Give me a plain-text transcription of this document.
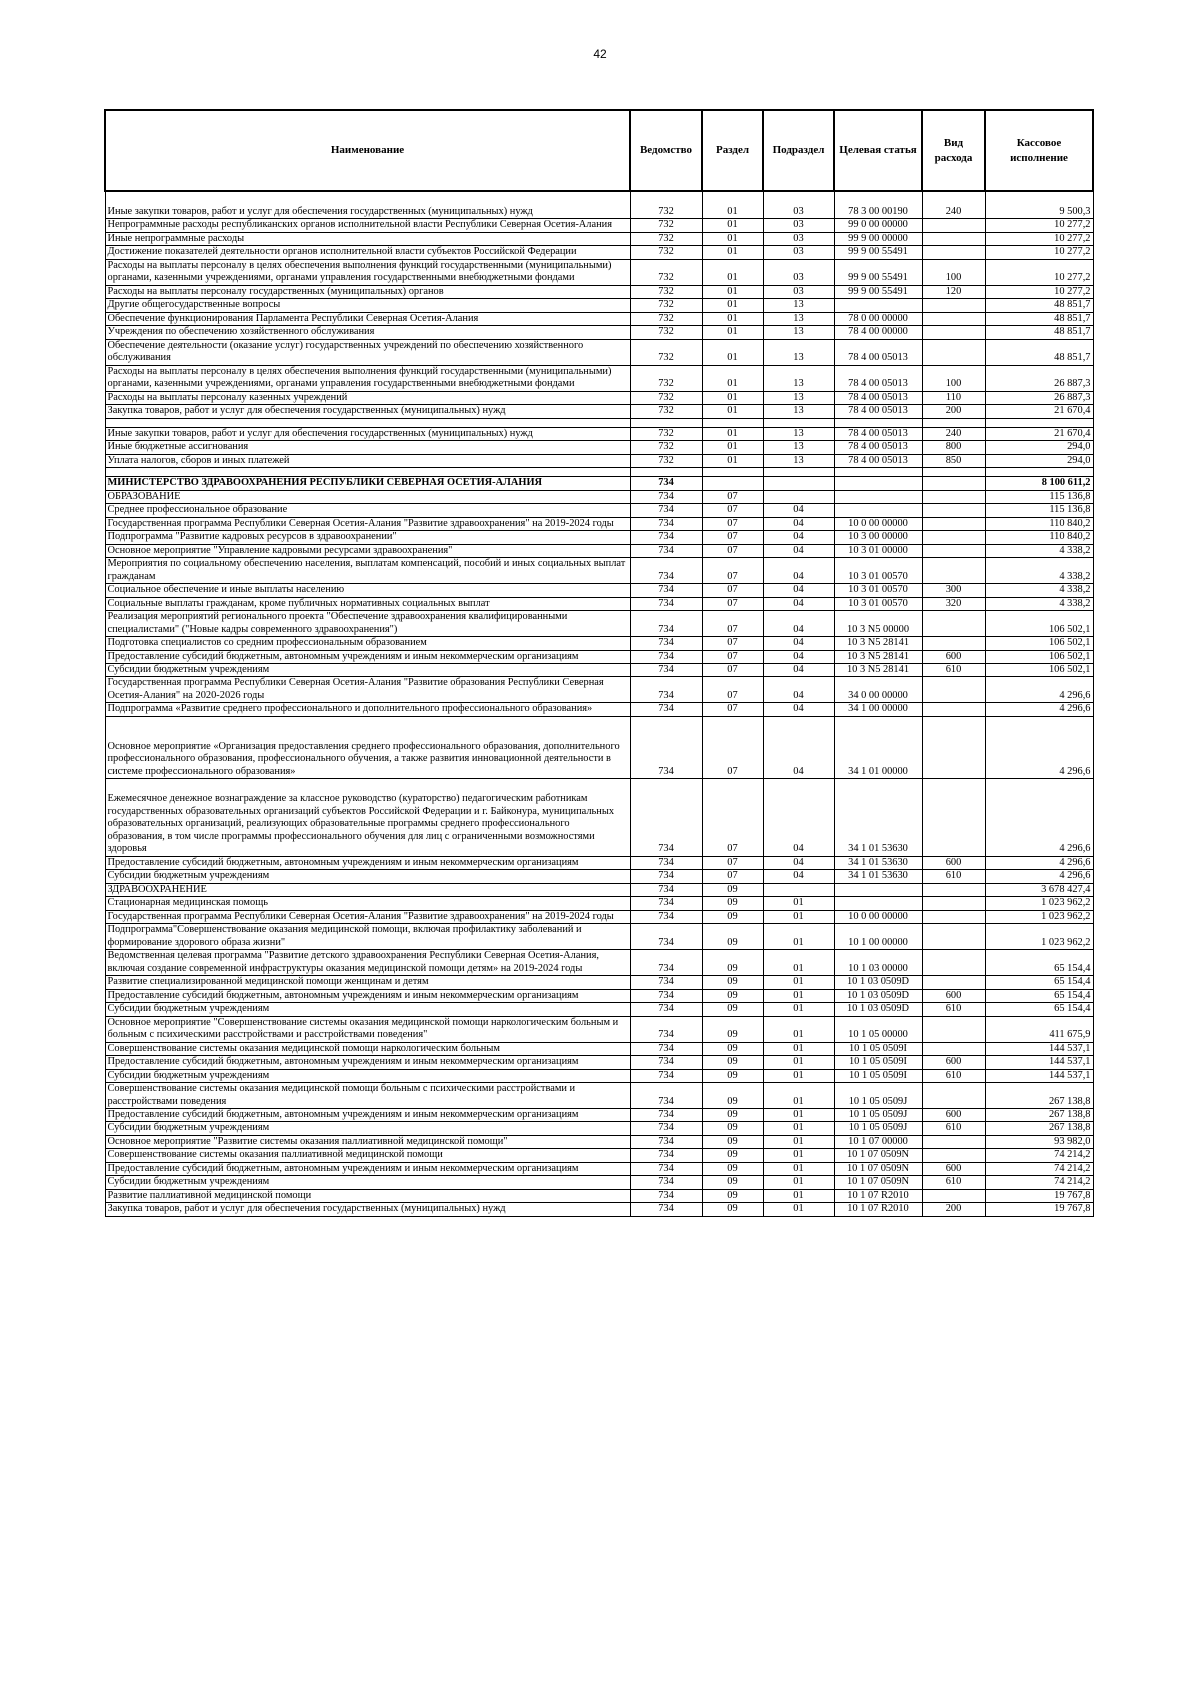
42
Наименование	Ведомство	Раздел	Подраздел	Целевая статья	Вид расхода	Кассовое исполнение
Иные закупки товаров, работ и услуг для обеспечения государственных (муниципальных) нужд	732	01	03	78 3 00 00190	240	9 500,3
Непрограммные расходы республиканских органов исполнительной власти Республики Северная Осетия-Алания	732	01	03	99 0 00 00000		10 277,2
Иные непрограммные расходы	732	01	03	99 9 00 00000		10 277,2
Достижение показателей деятельности органов исполнительной власти субъектов Российской Федерации	732	01	03	99 9 00 55491		10 277,2
Расходы на выплаты персоналу в целях обеспечения выполнения функций государственными (муниципальными) органами, казенными учреждениями, органами управления государственными внебюджетными фондами	732	01	03	99 9 00 55491	100	10 277,2
Расходы на выплаты персоналу государственных (муниципальных) органов	732	01	03	99 9 00 55491	120	10 277,2
Другие общегосударственные вопросы	732	01	13			48 851,7
Обеспечение функционирования Парламента Республики Северная Осетия-Алания	732	01	13	78 0 00 00000		48 851,7
Учреждения по обеспечению хозяйственного обслуживания	732	01	13	78 4 00 00000		48 851,7
Обеспечение деятельности (оказание услуг) государственных учреждений по обеспечению хозяйственного обслуживания	732	01	13	78 4 00 05013		48 851,7
Расходы на выплаты персоналу в целях обеспечения выполнения функций государственными (муниципальными) органами, казенными учреждениями, органами управления государственными внебюджетными фондами	732	01	13	78 4 00 05013	100	26 887,3
Расходы на выплаты персоналу казенных учреждений	732	01	13	78 4 00 05013	110	26 887,3
Закупка товаров, работ и услуг для обеспечения государственных (муниципальных) нужд	732	01	13	78 4 00 05013	200	21 670,4

Иные закупки товаров, работ и услуг для обеспечения государственных (муниципальных) нужд	732	01	13	78 4 00 05013	240	21 670,4
Иные бюджетные ассигнования	732	01	13	78 4 00 05013	800	294,0
Уплата налогов, сборов и иных платежей	732	01	13	78 4 00 05013	850	294,0

МИНИСТЕРСТВО ЗДРАВООХРАНЕНИЯ РЕСПУБЛИКИ СЕВЕРНАЯ ОСЕТИЯ-АЛАНИЯ	734					8 100 611,2
ОБРАЗОВАНИЕ	734	07				115 136,8
Среднее профессиональное образование	734	07	04			115 136,8
Государственная программа Республики Северная Осетия-Алания "Развитие здравоохранения" на 2019-2024 годы	734	07	04	10 0 00 00000		110 840,2
Подпрограмма "Развитие кадровых ресурсов в здравоохранении"	734	07	04	10 3 00 00000		110 840,2
Основное мероприятие "Управление кадровыми ресурсами здравоохранения"	734	07	04	10 3 01 00000		4 338,2
Мероприятия по социальному обеспечению населения, выплатам компенсаций, пособий и иных социальных выплат гражданам	734	07	04	10 3 01 00570		4 338,2
Социальное обеспечение и иные выплаты населению	734	07	04	10 3 01 00570	300	4 338,2
Социальные выплаты гражданам, кроме публичных нормативных социальных выплат	734	07	04	10 3 01 00570	320	4 338,2
Реализация мероприятий регионального проекта "Обеспечение здравоохранения квалифицированными специалистами" ("Новые кадры современного здравоохранения")	734	07	04	10 3 N5 00000		106 502,1
Подготовка специалистов со средним профессиональным образованием	734	07	04	10 3 N5 28141		106 502,1
Предоставление субсидий бюджетным, автономным учреждениям и иным некоммерческим организациям	734	07	04	10 3 N5 28141	600	106 502,1
Субсидии бюджетным учреждениям	734	07	04	10 3 N5 28141	610	106 502,1
Государственная программа Республики Северная Осетия-Алания "Развитие образования Республики Северная Осетия-Алания" на 2020-2026 годы	734	07	04	34 0 00 00000		4 296,6
Подпрограмма «Развитие среднего профессионального и дополнительного профессионального образования»	734	07	04	34 1 00 00000		4 296,6
Основное мероприятие «Организация предоставления среднего профессионального образования, дополнительного профессионального образования, профессионального обучения, а также развития инновационной деятельности в системе профессионального образования»	734	07	04	34 1 01 00000		4 296,6
Ежемесячное денежное вознаграждение за классное руководство (кураторство) педагогическим работникам государственных образовательных организаций субъектов Российской Федерации и г. Байконура, муниципальных образовательных организаций, реализующих образовательные программы среднего профессионального образования, в том числе программы профессионального обучения для лиц с ограниченными возможностями здоровья	734	07	04	34 1 01 53630		4 296,6
Предоставление субсидий бюджетным, автономным учреждениям и иным некоммерческим организациям	734	07	04	34 1 01 53630	600	4 296,6
Субсидии бюджетным учреждениям	734	07	04	34 1 01 53630	610	4 296,6
ЗДРАВООХРАНЕНИЕ	734	09				3 678 427,4
Стационарная медицинская помощь	734	09	01			1 023 962,2
Государственная программа Республики Северная Осетия-Алания "Развитие здравоохранения" на 2019-2024 годы	734	09	01	10 0 00 00000		1 023 962,2
Подпрограмма"Совершенствование оказания медицинской помощи, включая профилактику заболеваний и формирование здорового образа жизни"	734	09	01	10 1 00 00000		1 023 962,2
Ведомственная целевая программа "Развитие детского здравоохранения Республики Северная Осетия-Алания, включая создание современной инфраструктуры оказания медицинской помощи детям» на 2019-2024 годы	734	09	01	10 1 03 00000		65 154,4
Развитие специализированной медицинской помощи женщинам и детям	734	09	01	10 1 03 0509D		65 154,4
Предоставление субсидий бюджетным, автономным учреждениям и иным некоммерческим организациям	734	09	01	10 1 03 0509D	600	65 154,4
Субсидии бюджетным учреждениям	734	09	01	10 1 03 0509D	610	65 154,4
Основное мероприятие "Совершенствование системы оказания медицинской помощи наркологическим больным и больным с психическими расстройствами и расстройствами поведения"	734	09	01	10 1 05 00000		411 675,9
Совершенствование системы оказания медицинской помощи наркологическим больным	734	09	01	10 1 05 0509I		144 537,1
Предоставление субсидий бюджетным, автономным учреждениям и иным некоммерческим организациям	734	09	01	10 1 05 0509I	600	144 537,1
Субсидии бюджетным учреждениям	734	09	01	10 1 05 0509I	610	144 537,1
Совершенствование системы оказания медицинской помощи больным с психическими расстройствами и расстройствами поведения	734	09	01	10 1 05 0509J		267 138,8
Предоставление субсидий бюджетным, автономным учреждениям и иным некоммерческим организациям	734	09	01	10 1 05 0509J	600	267 138,8
Субсидии бюджетным учреждениям	734	09	01	10 1 05 0509J	610	267 138,8
Основное мероприятие "Развитие системы оказания паллиативной медицинской помощи"	734	09	01	10 1 07 00000		93 982,0
Совершенствование системы оказания паллиативной медицинской помощи	734	09	01	10 1 07 0509N		74 214,2
Предоставление субсидий бюджетным, автономным учреждениям и иным некоммерческим организациям	734	09	01	10 1 07 0509N	600	74 214,2
Субсидии бюджетным учреждениям	734	09	01	10 1 07 0509N	610	74 214,2
Развитие паллиативной медицинской помощи	734	09	01	10 1 07 R2010		19 767,8
Закупка товаров, работ и услуг для обеспечения государственных (муниципальных) нужд	734	09	01	10 1 07 R2010	200	19 767,8
